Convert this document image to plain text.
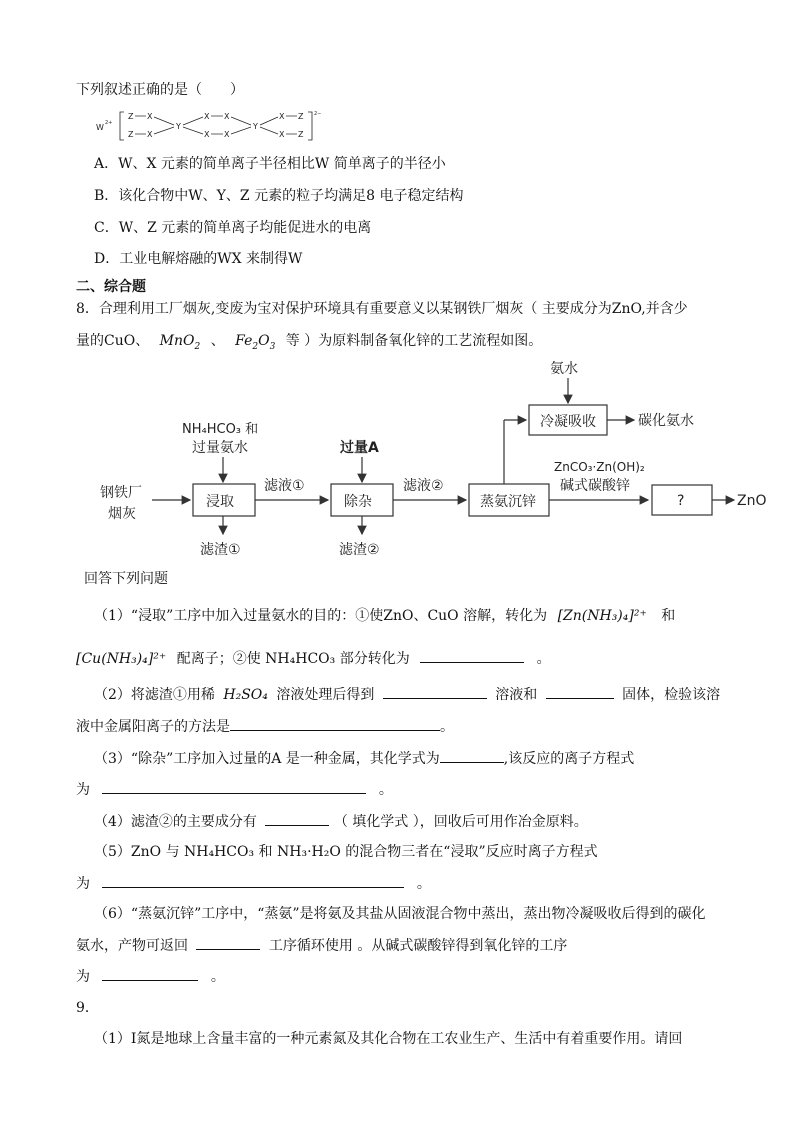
下列叙述正确的是（　　）
W 2+
Z X
Z X
Y
X X
X X
Y
X Z
X Z
2−
A．W、X 元素的简单离子半径相比W 简单离子的半径小
B．该化合物中W、Y、Z 元素的粒子均满足8 电子稳定结构
C．W、Z 元素的简单离子均能促进水的电离
D．工业电解熔融的WX 来制得W
二、综合题
8．合理利用工厂烟灰,变废为宝对保护环境具有重要意义以某钢铁厂烟灰（ 主要成分为ZnO,并含少
量的CuO、 MnO$_2$ 、 $Fe_2O_3$ 等 ）为原料制备氧化锌的工艺流程如图。
钢铁厂
烟灰
NH₄HCO₃ 和
过量氨水
浸取
滤渣①
滤液①
过量A
除杂
滤渣②
滤液②
蒸氨沉锌
氨水
冷凝吸收	碳化氨水
ZnCO₃·Zn(OH)₂
碱式碳酸锌
?	ZnO
回答下列问题
（1）“浸取”工序中加入过量氨水的目的：①使ZnO、CuO 溶解，转化为 [Zn(NH₃)₄]²⁺ 和
[Cu(NH₃)₄]²⁺ 配离子；②使 NH₄HCO₃ 部分转化为	。
（2）将滤渣①用稀 H₂SO₄ 溶液处理后得到	溶液和	固体，检验该溶
液中金属阳离子的方法是	。
（3）“除杂”工序加入过量的A 是一种金属，其化学式为	,该反应的离子方程式
为	。
（4）滤渣②的主要成分有	（ 填化学式 ），回收后可用作冶金原料。
（5）ZnO 与 NH₄HCO₃ 和 NH₃·H₂O 的混合物三者在“浸取”反应时离子方程式
为	。
（6）“蒸氨沉锌”工序中，“蒸氨”是将氨及其盐从固液混合物中蒸出，蒸出物冷凝吸收后得到的碳化
氨水，产物可返回	工序循环使用 。从碱式碳酸锌得到氧化锌的工序
为	。
9．
（1）Ⅰ氮是地球上含量丰富的一种元素氮及其化合物在工农业生产、生活中有着重要作用。请回
